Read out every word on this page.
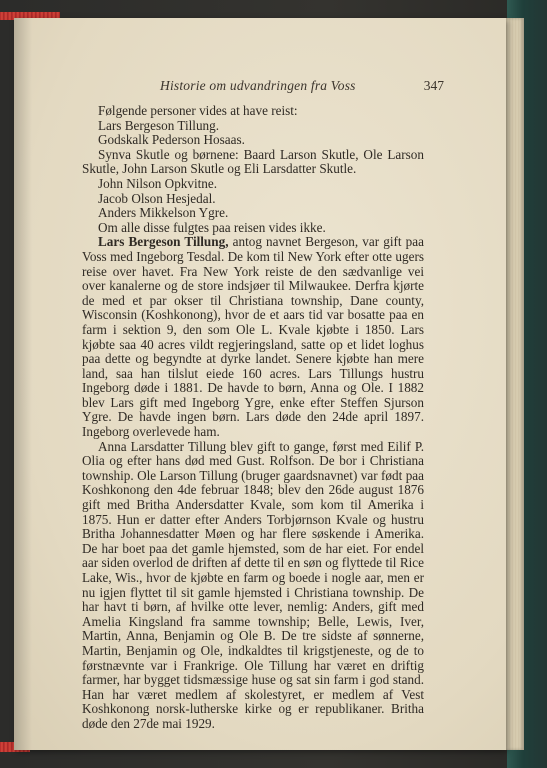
Historie om udvandringen fra Voss	347

Følgende personer vides at have reist:

Lars Bergeson Tillung.

Godskalk Pederson Hosaas.

Synva Skutle og børnene: Baard Larson Skutle, Ole Larson Skutle, John Larson Skutle og Eli Larsdatter Skutle.

John Nilson Opkvitne.

Jacob Olson Hesjedal.

Anders Mikkelson Ygre.

Om alle disse fulgtes paa reisen vides ikke.

Lars Bergeson Tillung, antog navnet Bergeson, var gift paa Voss med Ingeborg Tesdal. De kom til New York efter otte ugers reise over havet. Fra New York reiste de den sædvanlige vei over kanalerne og de store indsjøer til Milwaukee. Derfra kjørte de med et par okser til Christiana township, Dane county, Wisconsin (Koshkonong), hvor de et aars tid var bosatte paa en farm i sektion 9, den som Ole L. Kvale kjøbte i 1850. Lars kjøbte saa 40 acres vildt regjeringsland, satte op et lidet loghus paa dette og begyndte at dyrke landet. Senere kjøbte han mere land, saa han tilslut eiede 160 acres. Lars Tillungs hustru Ingeborg døde i 1881. De havde to børn, Anna og Ole. I 1882 blev Lars gift med Ingeborg Ygre, enke efter Steffen Sjurson Ygre. De havde ingen børn. Lars døde den 24de april 1897. Ingeborg overlevede ham.

Anna Larsdatter Tillung blev gift to gange, først med Eilif P. Olia og efter hans død med Gust. Rolfson. De bor i Christiana township. Ole Larson Tillung (bruger gaardsnavnet) var født paa Koshkonong den 4de februar 1848; blev den 26de august 1876 gift med Britha Andersdatter Kvale, som kom til Amerika i 1875. Hun er datter efter Anders Torbjørnson Kvale og hustru Britha Johannesdatter Møen og har flere søskende i Amerika. De har boet paa det gamle hjemsted, som de har eiet. For endel aar siden overlod de driften af dette til en søn og flyttede til Rice Lake, Wis., hvor de kjøbte en farm og boede i nogle aar, men er nu igjen flyttet til sit gamle hjemsted i Christiana township. De har havt ti børn, af hvilke otte lever, nemlig: Anders, gift med Amelia Kingsland fra samme township; Belle, Lewis, Iver, Martin, Anna, Benjamin og Ole B. De tre sidste af sønnerne, Martin, Benjamin og Ole, indkaldtes til krigstjeneste, og de to førstnævnte var i Frankrige. Ole Tillung har været en driftig farmer, har bygget tidsmæssige huse og sat sin farm i god stand. Han har været medlem af skolestyret, er medlem af Vest Koshkonong norsk-lutherske kirke og er republikaner. Britha døde den 27de mai 1929.
